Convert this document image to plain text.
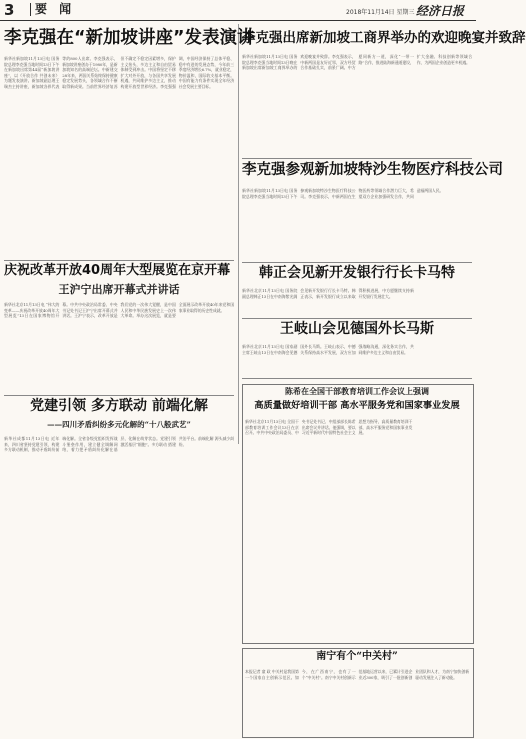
3	要 闻	2018年11月14日 星期三 经济日报
李克强在“新加坡讲座”发表演讲
新华社新加坡11月13日电 国务院总理李克强当地时间13日下午在新加坡出席第44届“新加坡讲座”，以《开放合作 共创未来》为题发表演讲。新加坡副总理王瑞杰主持讲座，新加坡各界代表等约800人出席。李克强表示，新加坡讲座创办于1980年，是新加坡知名的高端论坛。中新建交28年来，两国关系始终保持健康稳定发展势头，各领域合作不断取得新成果。当前世界经济复苏但不确定不稳定因素增多，保护主义抬头，多边主义和自由贸易体制受到冲击。中国将坚定不移扩大对外开放，与各国共享发展机遇，共同维护多边主义，推动构建开放型世界经济。李克强强调，中国经济保持了总体平稳、稳中有进的发展态势，今年前三季度经济增长6.7%，就业稳定，物价温和，国际收支基本平衡。中国有能力有条件实现全年经济社会发展主要目标。
李克强出席新加坡工商界举办的欢迎晚宴并致辞
新华社新加坡11月13日电 国务院总理李克强当地时间13日晚在新加坡出席新加坡工商界举办的欢迎晚宴并致辞。李克强表示，中新两国是友好近邻，双方经贸合作基础扎实，前景广阔。中方愿同新方一道，深化“一带一路”合作，推进陆海新通道建设，扩大金融、科技创新等领域合作，为两国企业创造更多机遇。
李克强参观新加坡特沙生物医疗科技公司
新华社新加坡11月13日电 国务院总理李克强当地时间13日下午参观新加坡特沙生物医疗科技公司。李克强表示，中新两国在生物医药等领域合作潜力巨大，希望双方企业加强研发合作，共同造福两国人民。
庆祝改革开放40周年大型展览在京开幕
王沪宁出席开幕式并讲话
新华社北京11月13日电 “伟大的变革——庆祝改革开放40周年大型展览”13日在国家博物馆开幕。中共中央政治局常委、中央书记处书记王沪宁出席开幕式并讲话。王沪宁表示，改革开放是我们党的一次伟大觉醒，是中国人民和中华民族发展史上一次伟大革命。举办这次展览，就是要全面展示改革开放40年来党和国家事业取得的历史性成就。
韩正会见新开发银行行长卡马特
新华社北京11月13日电 国务院副总理韩正13日在中南海紫光阁会见新开发银行行长卡马特。韩正表示，新开发银行成立以来取得积极进展，中方愿继续支持新开发银行发展壮大。
王岐山会见德国外长马斯
新华社北京11月13日电 国家副主席王岐山13日在中南海会见德国外长马斯。王岐山表示，中德关系保持高水平发展，双方应加强战略沟通，深化务实合作，共同维护多边主义和自由贸易。
党建引领 多方联动 前端化解
——四川矛盾纠纷多元化解的“十八般武艺”
新华社成都11月13日电 近年来，四川省坚持党建引领，构建多方联动机制，推动矛盾纠纷前端化解。全省各级党组织发挥战斗堡垒作用，建立健全调解网络，着力把矛盾纠纷化解在基层、化解在萌芽状态。党建引领 激活基层“细胞”。多方联动 搭建共治平台。前端化解 源头减少纠纷。
陈希在全国干部教育培训工作会议上强调
高质量做好培训干部 高水平服务党和国家事业发展
新华社北京11月13日电 全国干部教育培训工作会议13日在京召开。中共中央政治局委员、中央书记处书记、中组部部长陈希出席会议并讲话。他强调，要以习近平新时代中国特色社会主义思想为指导，高质量教育培训干部，高水平服务党和国家事业发展。
南宁有个“中关村”
本报记者 童 政 中关村是我国第一个国家自主创新示范区。如今，在广西南宁，也有了一个“中关村”。南宁中关村创新示范基地运营以来，已累计引进企业近300家，吸引了一批创新创业团队和人才，为南宁加快创新驱动发展注入了新动能。
